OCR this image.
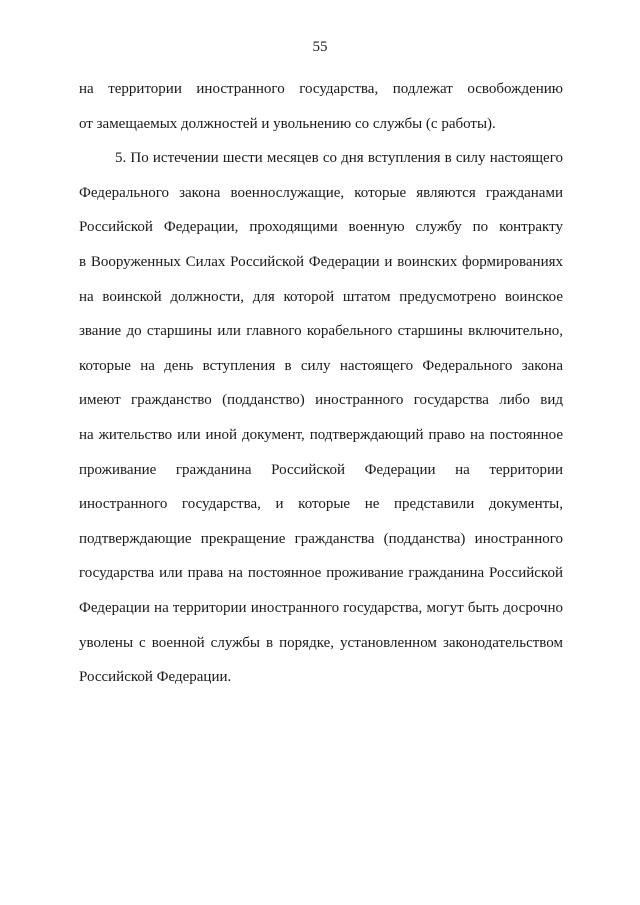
55
на территории иностранного государства, подлежат освобождению
от замещаемых должностей и увольнению со службы (с работы).
5. По истечении шести месяцев со дня вступления в силу настоящего
Федерального закона военнослужащие, которые являются гражданами
Российской Федерации, проходящими военную службу по контракту
в Вооруженных Силах Российской Федерации и воинских формированиях
на воинской должности, для которой штатом предусмотрено воинское
звание до старшины или главного корабельного старшины включительно,
которые на день вступления в силу настоящего Федерального закона
имеют гражданство (подданство) иностранного государства либо вид
на жительство или иной документ, подтверждающий право на постоянное
проживание гражданина Российской Федерации на территории
иностранного государства, и которые не представили документы,
подтверждающие прекращение гражданства (подданства) иностранного
государства или права на постоянное проживание гражданина Российской
Федерации на территории иностранного государства, могут быть досрочно
уволены с военной службы в порядке, установленном законодательством
Российской Федерации.
